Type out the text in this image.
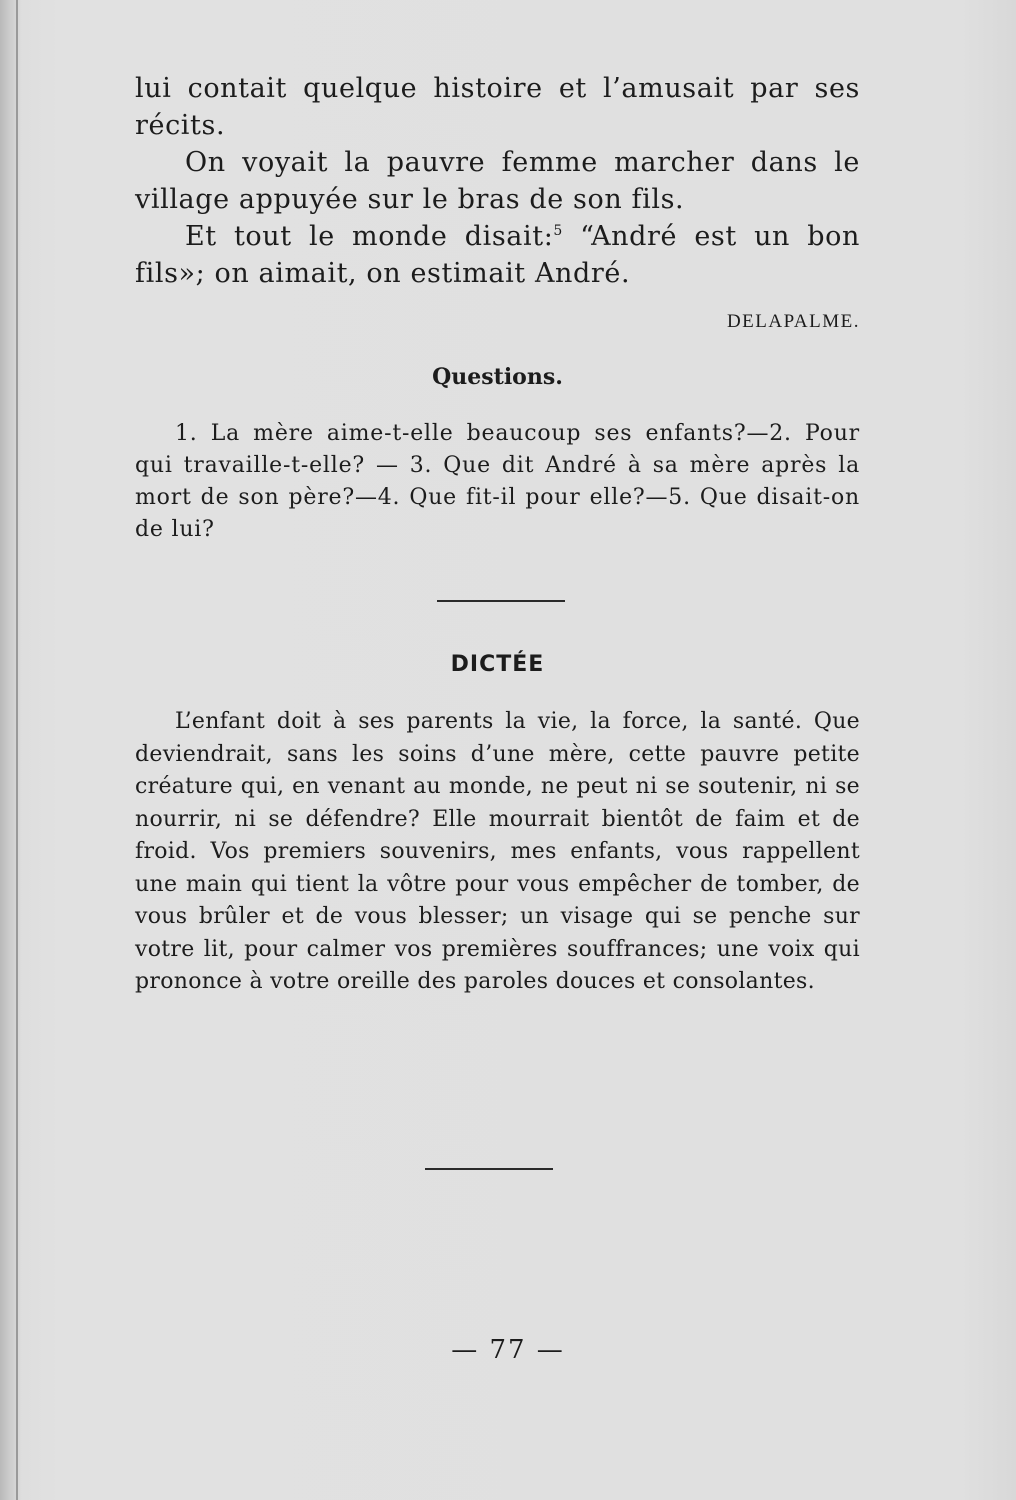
lui contait quelque histoire et l’amusait par ses récits.

On voyait la pauvre femme marcher dans le village appuyée sur le bras de son fils.

Et tout le monde disait:$^5$ “André est un bon fils»; on aimait, on estimait André.

DELAPALME.
Questions.

1. La mère aime-t-elle beaucoup ses enfants?—2. Pour qui travaille-t-elle? — 3. Que dit André à sa mère après la mort de son père?—4. Que fit-il pour elle?—5. Que disait-on de lui?

DICTÉE

L’enfant doit à ses parents la vie, la force, la santé. Que deviendrait, sans les soins d’une mère, cette pauvre petite créature qui, en venant au monde, ne peut ni se soutenir, ni se nourrir, ni se défendre? Elle mourrait bientôt de faim et de froid. Vos premiers souvenirs, mes enfants, vous rappellent une main qui tient la vôtre pour vous empêcher de tomber, de vous brûler et de vous blesser; un visage qui se penche sur votre lit, pour calmer vos premières souffrances; une voix qui prononce à votre oreille des paroles douces et consolantes.

— 77 —
